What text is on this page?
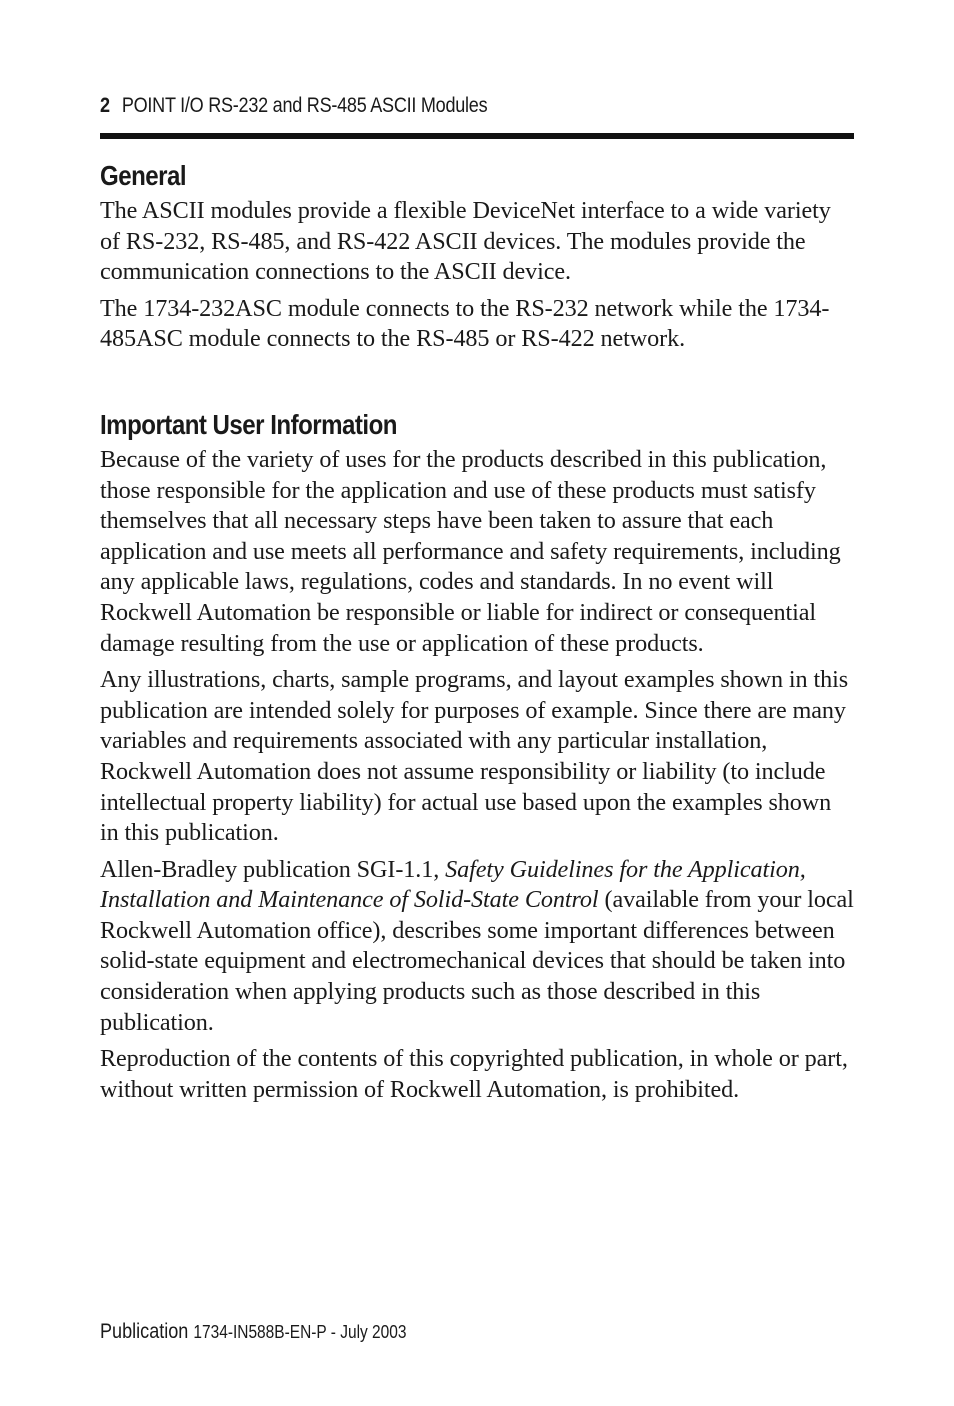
2 POINT I/O RS-232 and RS-485 ASCII Modules
General

The ASCII modules provide a flexible DeviceNet interface to a wide variety of RS-232, RS-485, and RS-422 ASCII devices. The modules provide the communication connections to the ASCII device.

The 1734-232ASC module connects to the RS-232 network while the 1734-485ASC module connects to the RS-485 or RS-422 network.

Important User Information

Because of the variety of uses for the products described in this publication, those responsible for the application and use of these products must satisfy themselves that all necessary steps have been taken to assure that each application and use meets all performance and safety requirements, including any applicable laws, regulations, codes and standards. In no event will Rockwell Automation be responsible or liable for indirect or consequential damage resulting from the use or application of these products.

Any illustrations, charts, sample programs, and layout examples shown in this publication are intended solely for purposes of example. Since there are many variables and requirements associated with any particular installation, Rockwell Automation does not assume responsibility or liability (to include intellectual property liability) for actual use based upon the examples shown in this publication.

Allen-Bradley publication SGI-1.1, Safety Guidelines for the Application, Installation and Maintenance of Solid-State Control (available from your local Rockwell Automation office), describes some important differences between solid-state equipment and electromechanical devices that should be taken into consideration when applying products such as those described in this publication.

Reproduction of the contents of this copyrighted publication, in whole or part, without written permission of Rockwell Automation, is prohibited.

Publication 1734-IN588B-EN-P - July 2003
